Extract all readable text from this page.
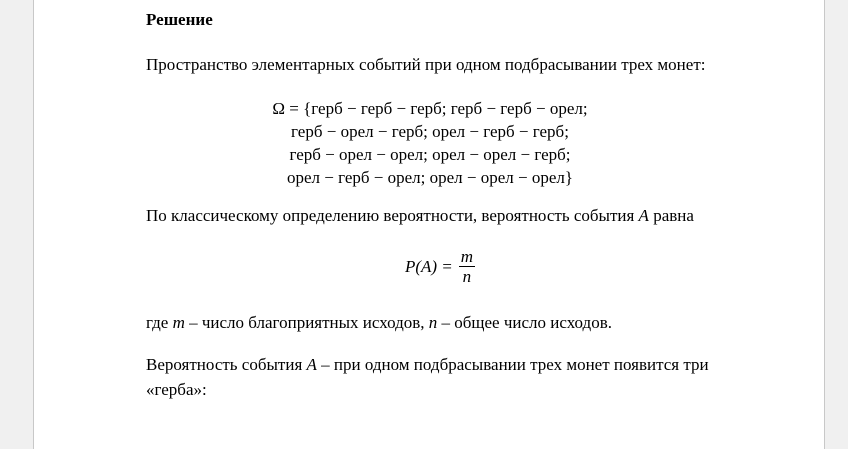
Решение
Пространство элементарных событий при одном подбрасывании трех монет:
Ω = {герб − герб − герб; герб − герб − орел;
герб − орел − герб; орел − герб − герб;
герб − орел − орел; орел − орел − герб;
орел − герб − орел; орел − орел − орел}
По классическому определению вероятности, вероятность события A равна
$P(A) = \frac{m}{n}$
где m – число благоприятных исходов, n – общее число исходов.
Вероятность события A – при одном подбрасывании трех монет появится три
«герба»:
